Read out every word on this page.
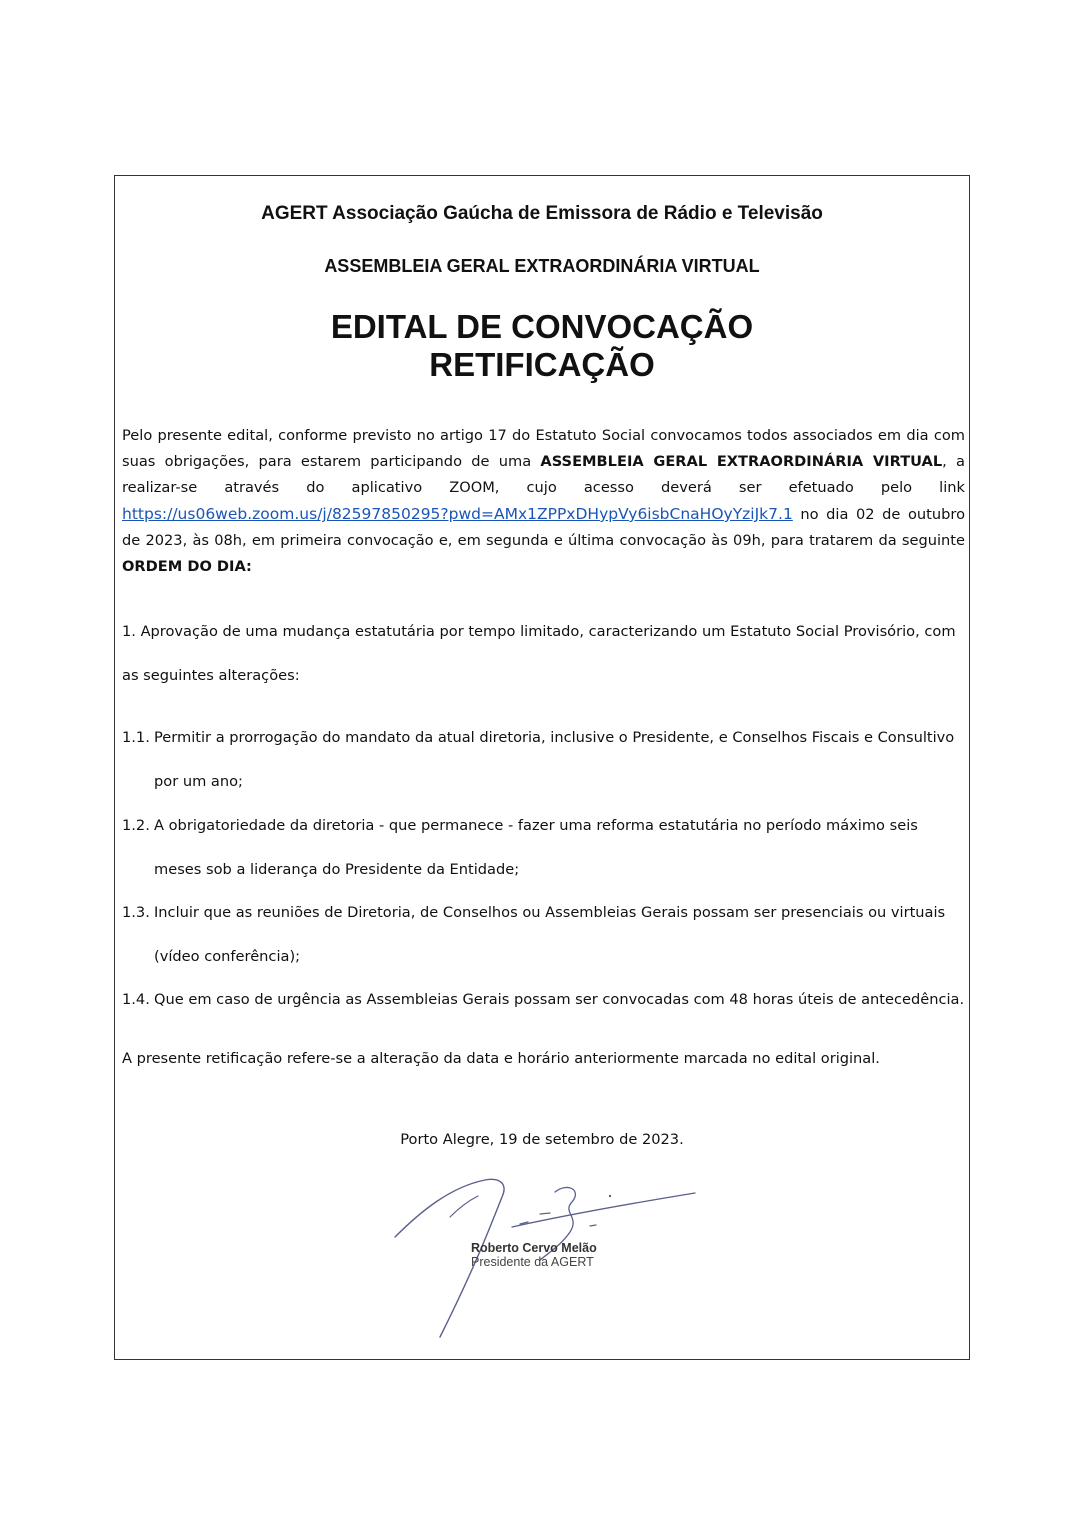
AGERT Associação Gaúcha de Emissora de Rádio e Televisão
ASSEMBLEIA GERAL EXTRAORDINÁRIA VIRTUAL
EDITAL DE CONVOCAÇÃO
RETIFICAÇÃO
Pelo presente edital, conforme previsto no artigo 17 do Estatuto Social convocamos todos associados em dia com suas obrigações, para estarem participando de uma ASSEMBLEIA GERAL EXTRAORDINÁRIA VIRTUAL, a realizar-se através do aplicativo ZOOM, cujo acesso deverá ser efetuado pelo link https://us06web.zoom.us/j/82597850295?pwd=AMx1ZPPxDHypVy6isbCnaHOyYziJk7.1 no dia 02 de outubro de 2023, às 08h, em primeira convocação e, em segunda e última convocação às 09h, para tratarem da seguinte ORDEM DO DIA:
1. Aprovação de uma mudança estatutária por tempo limitado, caracterizando um Estatuto Social Provisório, com
as seguintes alterações:
1.1. Permitir a prorrogação do mandato da atual diretoria, inclusive o Presidente, e Conselhos Fiscais e Consultivo
por um ano;
1.2. A obrigatoriedade da diretoria - que permanece - fazer uma reforma estatutária no período máximo seis
meses sob a liderança do Presidente da Entidade;
1.3. Incluir que as reuniões de Diretoria, de Conselhos ou Assembleias Gerais possam ser presenciais ou virtuais
(vídeo conferência);
1.4. Que em caso de urgência as Assembleias Gerais possam ser convocadas com 48 horas úteis de antecedência.
A presente retificação refere-se a alteração da data e horário anteriormente marcada no edital original.
Porto Alegre, 19 de setembro de 2023.
Roberto Cervo Melão
Presidente da AGERT
